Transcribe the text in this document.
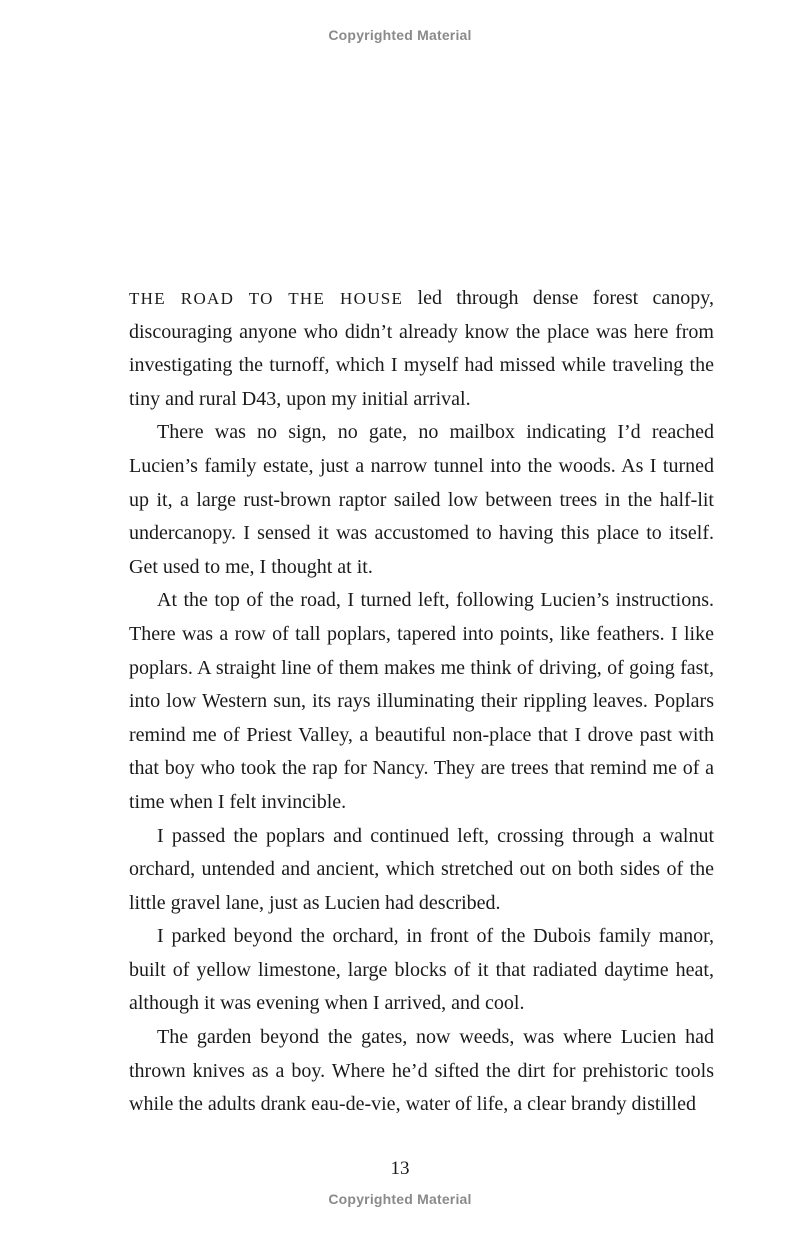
Copyrighted Material

THE ROAD TO THE HOUSE led through dense forest canopy, discouraging anyone who didn’t already know the place was here from investigating the turnoff, which I myself had missed while traveling the tiny and rural D43, upon my initial arrival.

There was no sign, no gate, no mailbox indicating I’d reached Lucien’s family estate, just a narrow tunnel into the woods. As I turned up it, a large rust-brown raptor sailed low between trees in the half-lit undercanopy. I sensed it was accustomed to having this place to itself. Get used to me, I thought at it.

At the top of the road, I turned left, following Lucien’s instructions. There was a row of tall poplars, tapered into points, like feathers. I like poplars. A straight line of them makes me think of driving, of going fast, into low Western sun, its rays illuminating their rippling leaves. Poplars remind me of Priest Valley, a beautiful non-place that I drove past with that boy who took the rap for Nancy. They are trees that remind me of a time when I felt invincible.

I passed the poplars and continued left, crossing through a walnut orchard, untended and ancient, which stretched out on both sides of the little gravel lane, just as Lucien had described.

I parked beyond the orchard, in front of the Dubois family manor, built of yellow limestone, large blocks of it that radiated daytime heat, although it was evening when I arrived, and cool.

The garden beyond the gates, now weeds, was where Lucien had thrown knives as a boy. Where he’d sifted the dirt for prehistoric tools while the adults drank eau-de-vie, water of life, a clear brandy distilled

13
Copyrighted Material
